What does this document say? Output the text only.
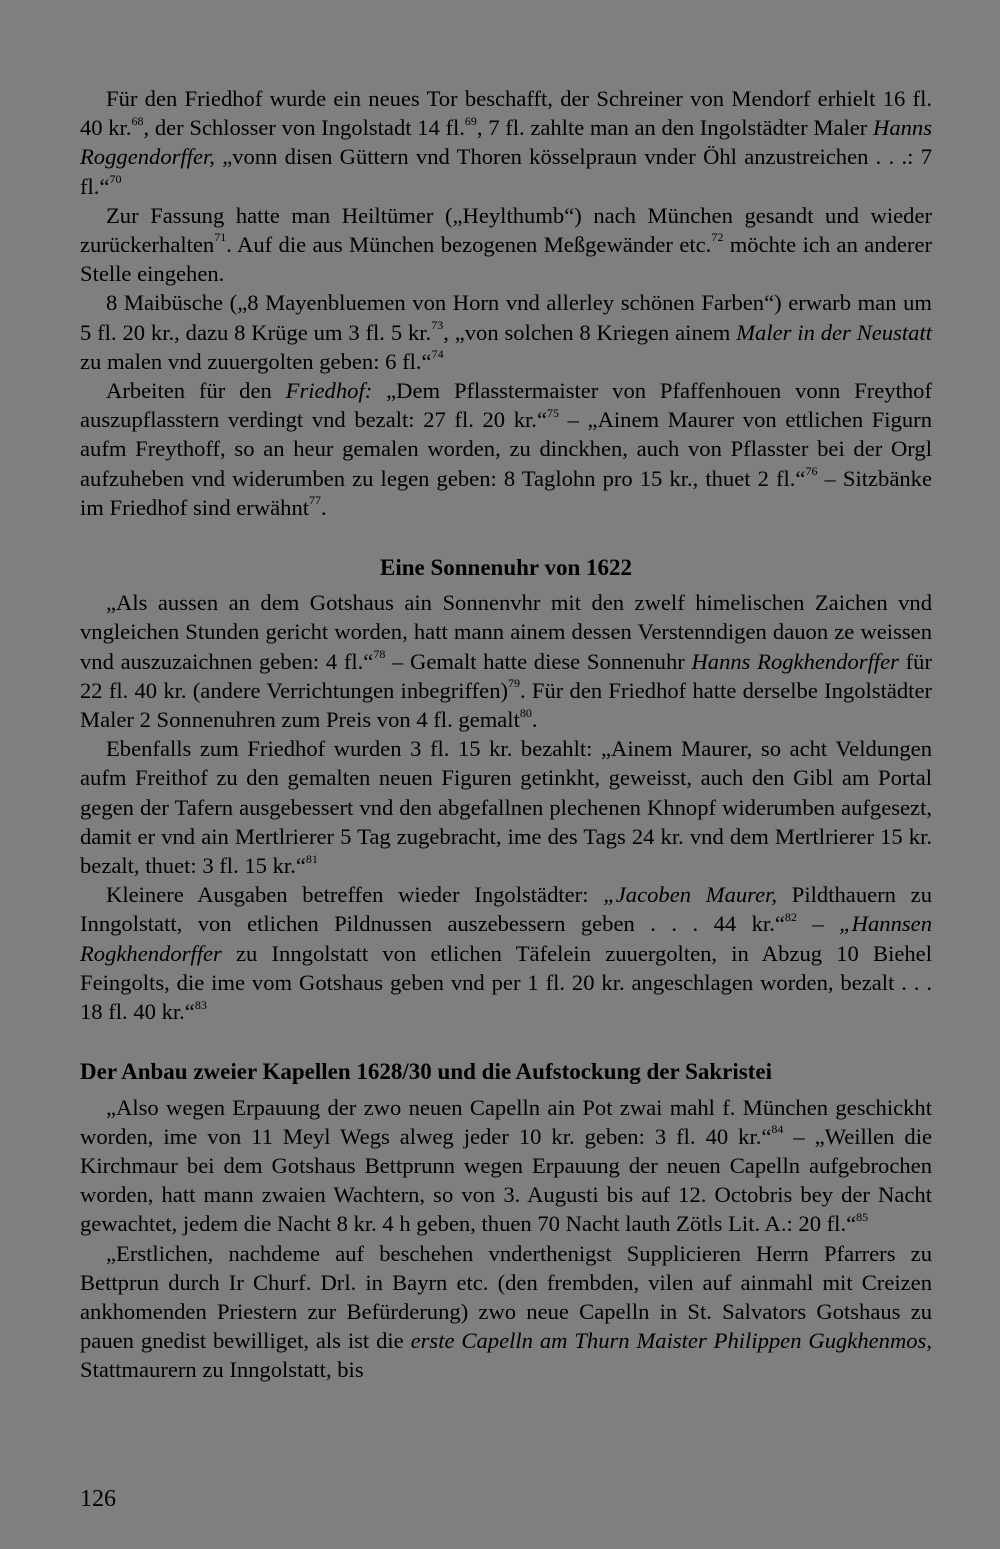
Für den Friedhof wurde ein neues Tor beschafft, der Schreiner von Mendorf erhielt 16 fl. 40 kr.$^{68}$, der Schlosser von Ingolstadt 14 fl.$^{69}$, 7 fl. zahlte man an den Ingolstädter Maler Hanns Roggendorffer, „vonn disen Güttern vnd Thoren kösselpraun vnder Öhl anzustreichen . . .: 7 fl.“$^{70}$

Zur Fassung hatte man Heiltümer („Heylthumb“) nach München gesandt und wieder zurückerhalten$^{71}$. Auf die aus München bezogenen Meßgewänder etc.$^{72}$ möchte ich an anderer Stelle eingehen.

8 Maibüsche („8 Mayenbluemen von Horn vnd allerley schönen Farben“) erwarb man um 5 fl. 20 kr., dazu 8 Krüge um 3 fl. 5 kr.$^{73}$, „von solchen 8 Kriegen ainem Maler in der Neustatt zu malen vnd zuuergolten geben: 6 fl.“$^{74}$

Arbeiten für den Friedhof: „Dem Pflasstermaister von Pfaffenhouen vonn Freythof auszupflasstern verdingt vnd bezalt: 27 fl. 20 kr.“$^{75}$ – „Ainem Maurer von ettlichen Figurn aufm Freythoff, so an heur gemalen worden, zu dinckhen, auch von Pflasster bei der Orgl aufzuheben vnd widerumben zu legen geben: 8 Taglohn pro 15 kr., thuet 2 fl.“$^{76}$ – Sitzbänke im Friedhof sind erwähnt$^{77}$.

Eine Sonnenuhr von 1622

„Als aussen an dem Gotshaus ain Sonnenvhr mit den zwelf himelischen Zaichen vnd vngleichen Stunden gericht worden, hatt mann ainem dessen Verstenndigen dauon ze weissen vnd auszuzaichnen geben: 4 fl.“$^{78}$ – Gemalt hatte diese Sonnenuhr Hanns Rogkhendorffer für 22 fl. 40 kr. (andere Verrichtungen inbegriffen)$^{79}$. Für den Friedhof hatte derselbe Ingolstädter Maler 2 Sonnenuhren zum Preis von 4 fl. gemalt$^{80}$.

Ebenfalls zum Friedhof wurden 3 fl. 15 kr. bezahlt: „Ainem Maurer, so acht Veldungen aufm Freithof zu den gemalten neuen Figuren getinkht, geweisst, auch den Gibl am Portal gegen der Tafern ausgebessert vnd den abgefallnen plechenen Khnopf widerumben aufgesezt, damit er vnd ain Mertlrierer 5 Tag zugebracht, ime des Tags 24 kr. vnd dem Mertlrierer 15 kr. bezalt, thuet: 3 fl. 15 kr.“$^{81}$

Kleinere Ausgaben betreffen wieder Ingolstädter: „Jacoben Maurer, Pildthauern zu Inngolstatt, von etlichen Pildnussen auszebessern geben . . . 44 kr.“$^{82}$ – „Hannsen Rogkhendorffer zu Inngolstatt von etlichen Täfelein zuuergolten, in Abzug 10 Biehel Feingolts, die ime vom Gotshaus geben vnd per 1 fl. 20 kr. angeschlagen worden, bezalt . . . 18 fl. 40 kr.“$^{83}$

Der Anbau zweier Kapellen 1628/30 und die Aufstockung der Sakristei

„Also wegen Erpauung der zwo neuen Capelln ain Pot zwai mahl f. München geschickht worden, ime von 11 Meyl Wegs alweg jeder 10 kr. geben: 3 fl. 40 kr.“$^{84}$ – „Weillen die Kirchmaur bei dem Gotshaus Bettprunn wegen Erpauung der neuen Capelln aufgebrochen worden, hatt mann zwaien Wachtern, so von 3. Augusti bis auf 12. Octobris bey der Nacht gewachtet, jedem die Nacht 8 kr. 4 h geben, thuen 70 Nacht lauth Zötls Lit. A.: 20 fl.“$^{85}$

„Erstlichen, nachdeme auf beschehen vnderthenigst Supplicieren Herrn Pfarrers zu Bettprun durch Ir Churf. Drl. in Bayrn etc. (den frembden, vilen auf ainmahl mit Creizen ankhomenden Priestern zur Befürderung) zwo neue Capelln in St. Salvators Gotshaus zu pauen gnedist bewilliget, als ist die erste Capelln am Thurn Maister Philippen Gugkhenmos, Stattmaurern zu Inngolstatt, bis

126
